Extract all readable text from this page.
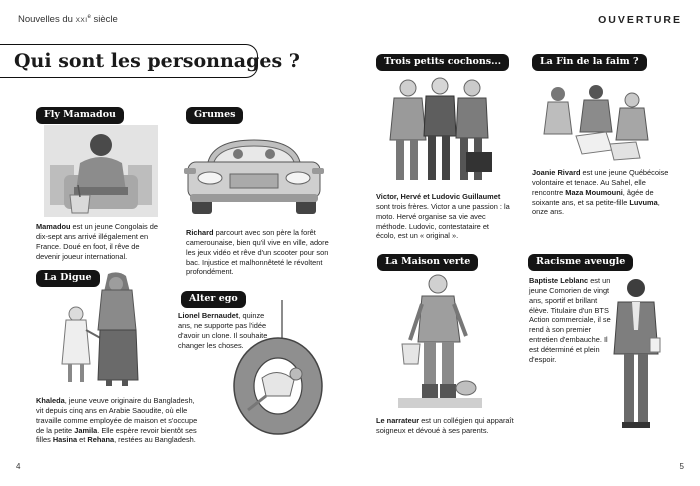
Nouvelles du XXIe siècle	OUVERTURE
Qui sont les personnages ?
Fly Mamadou
Mamadou est un jeune Congolais de dix-sept ans arrivé illégalement en France. Doué en foot, il rêve de devenir joueur international.
Grumes
Richard parcourt avec son père la forêt camerounaise, bien qu'il vive en ville, adore les jeux vidéo et rêve d'un scooter pour son bac. Injustice et malhonnêteté le révoltent profondément.
La Digue
Khaleda, jeune veuve originaire du Bangladesh, vit depuis cinq ans en Arabie Saoudite, où elle travaille comme employée de maison et s'occupe de la petite Jamila. Elle espère revoir bientôt ses filles Hasina et Rehana, restées au Bangladesh.
Alter ego
Lionel Bernaudet, quinze ans, ne supporte pas l'idée d'avoir un clone. Il souhaite changer les choses.
Trois petits cochons...
Victor, Hervé et Ludovic Guillaumet sont trois frères. Victor a une passion : la moto. Hervé organise sa vie avec méthode. Ludovic, contestataire et écolo, est un « original ».
La Fin de la faim ?
Joanie Rivard est une jeune Québécoise volontaire et tenace. Au Sahel, elle rencontre Maza Moumouni, âgée de soixante ans, et sa petite-fille Luvuma, onze ans.
La Maison verte
Le narrateur est un collégien qui apparaît soigneux et dévoué à ses parents.
Racisme aveugle
Baptiste Leblanc est un jeune Comorien de vingt ans, sportif et brillant élève. Titulaire d'un BTS Action commerciale, il se rend à son premier entretien d'embauche. Il est déterminé et plein d'espoir.
4	5
